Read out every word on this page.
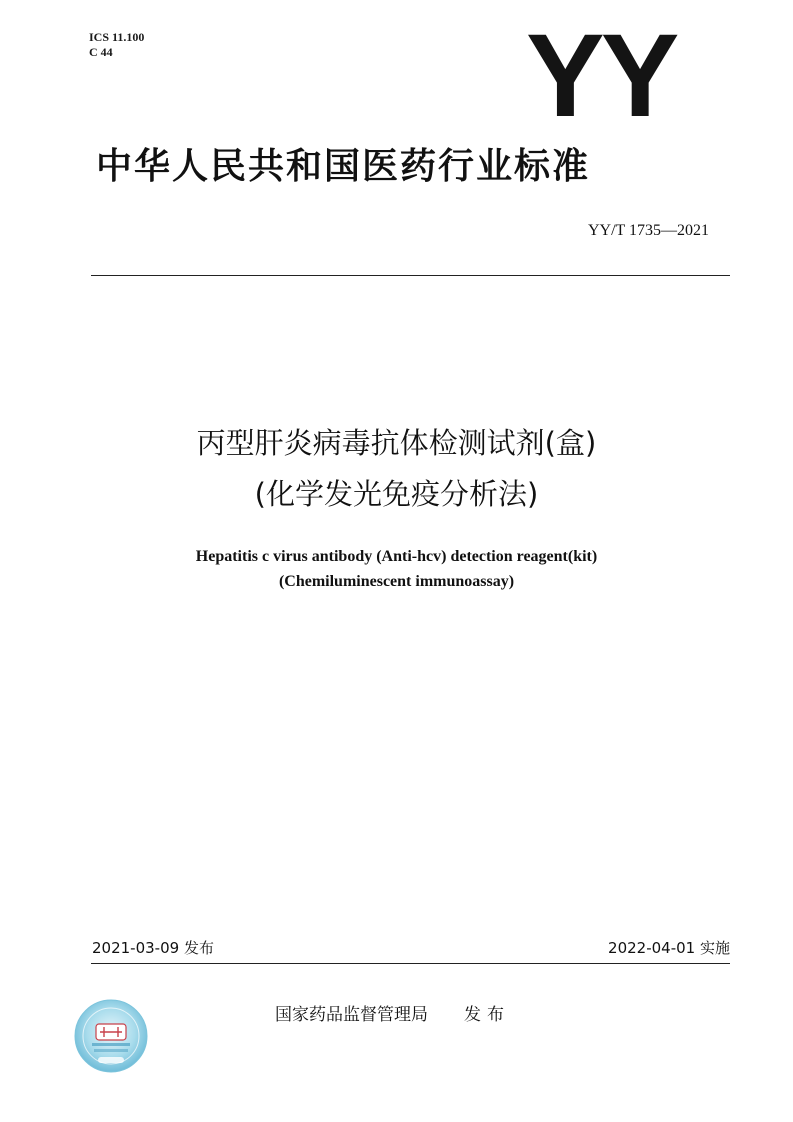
ICS 11.100
C 44	YY
中华人民共和国医药行业标准
YY/T 1735—2021
丙型肝炎病毒抗体检测试剂(盒)
(化学发光免疫分析法)
Hepatitis c virus antibody (Anti-hcv) detection reagent(kit)
(Chemiluminescent immunoassay)
2021-03-09 发布	2022-04-01 实施
国家药品监督管理局 发布
